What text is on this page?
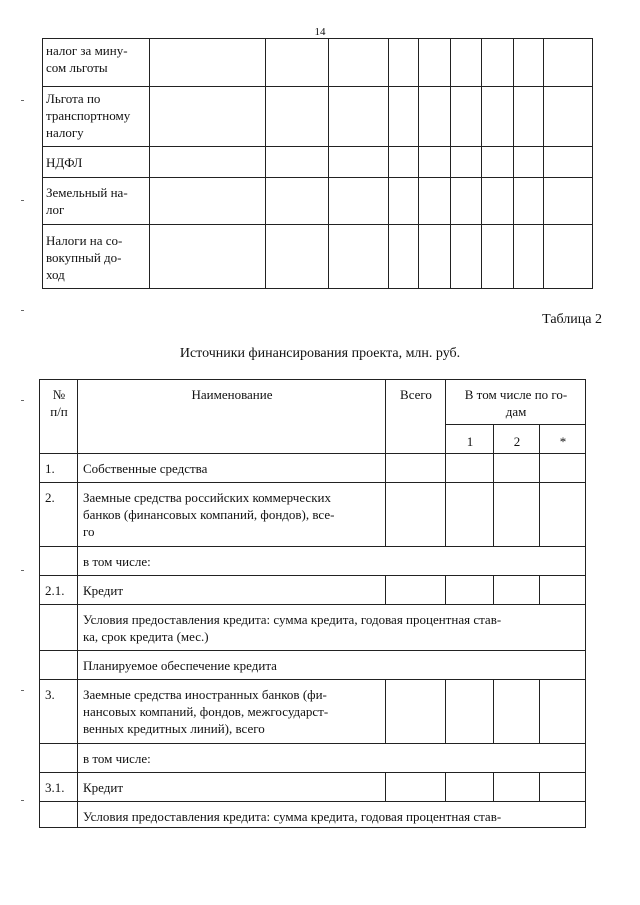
14
налог за мину-
сом льготы									

Льгота по
транспортному
налогу									

НДФЛ									

Земельный на-
лог									

Налоги на со-
вокупный до-
ход									

Таблица 2
Источники финансирования проекта, млн. руб.
№
п/п	Наименование	Всего	В том числе по го-
дам		

			1	2	*
1.	Собственные средства				

2.	Заемные средства российских коммерческих
банков (финансовых компаний, фондов), все-
го				

	в том числе:				

2.1.	Кредит				

	Условия предоставления кредита: сумма кредита, годовая процентная став-
ка, срок кредита (мес.)				

	Планируемое обеспечение кредита				

3.	Заемные средства иностранных банков (фи-
нансовых компаний, фондов, межгосударст-
венных кредитных линий), всего				

	в том числе:				

3.1.	Кредит				

	Условия предоставления кредита: сумма кредита, годовая процентная став-				
